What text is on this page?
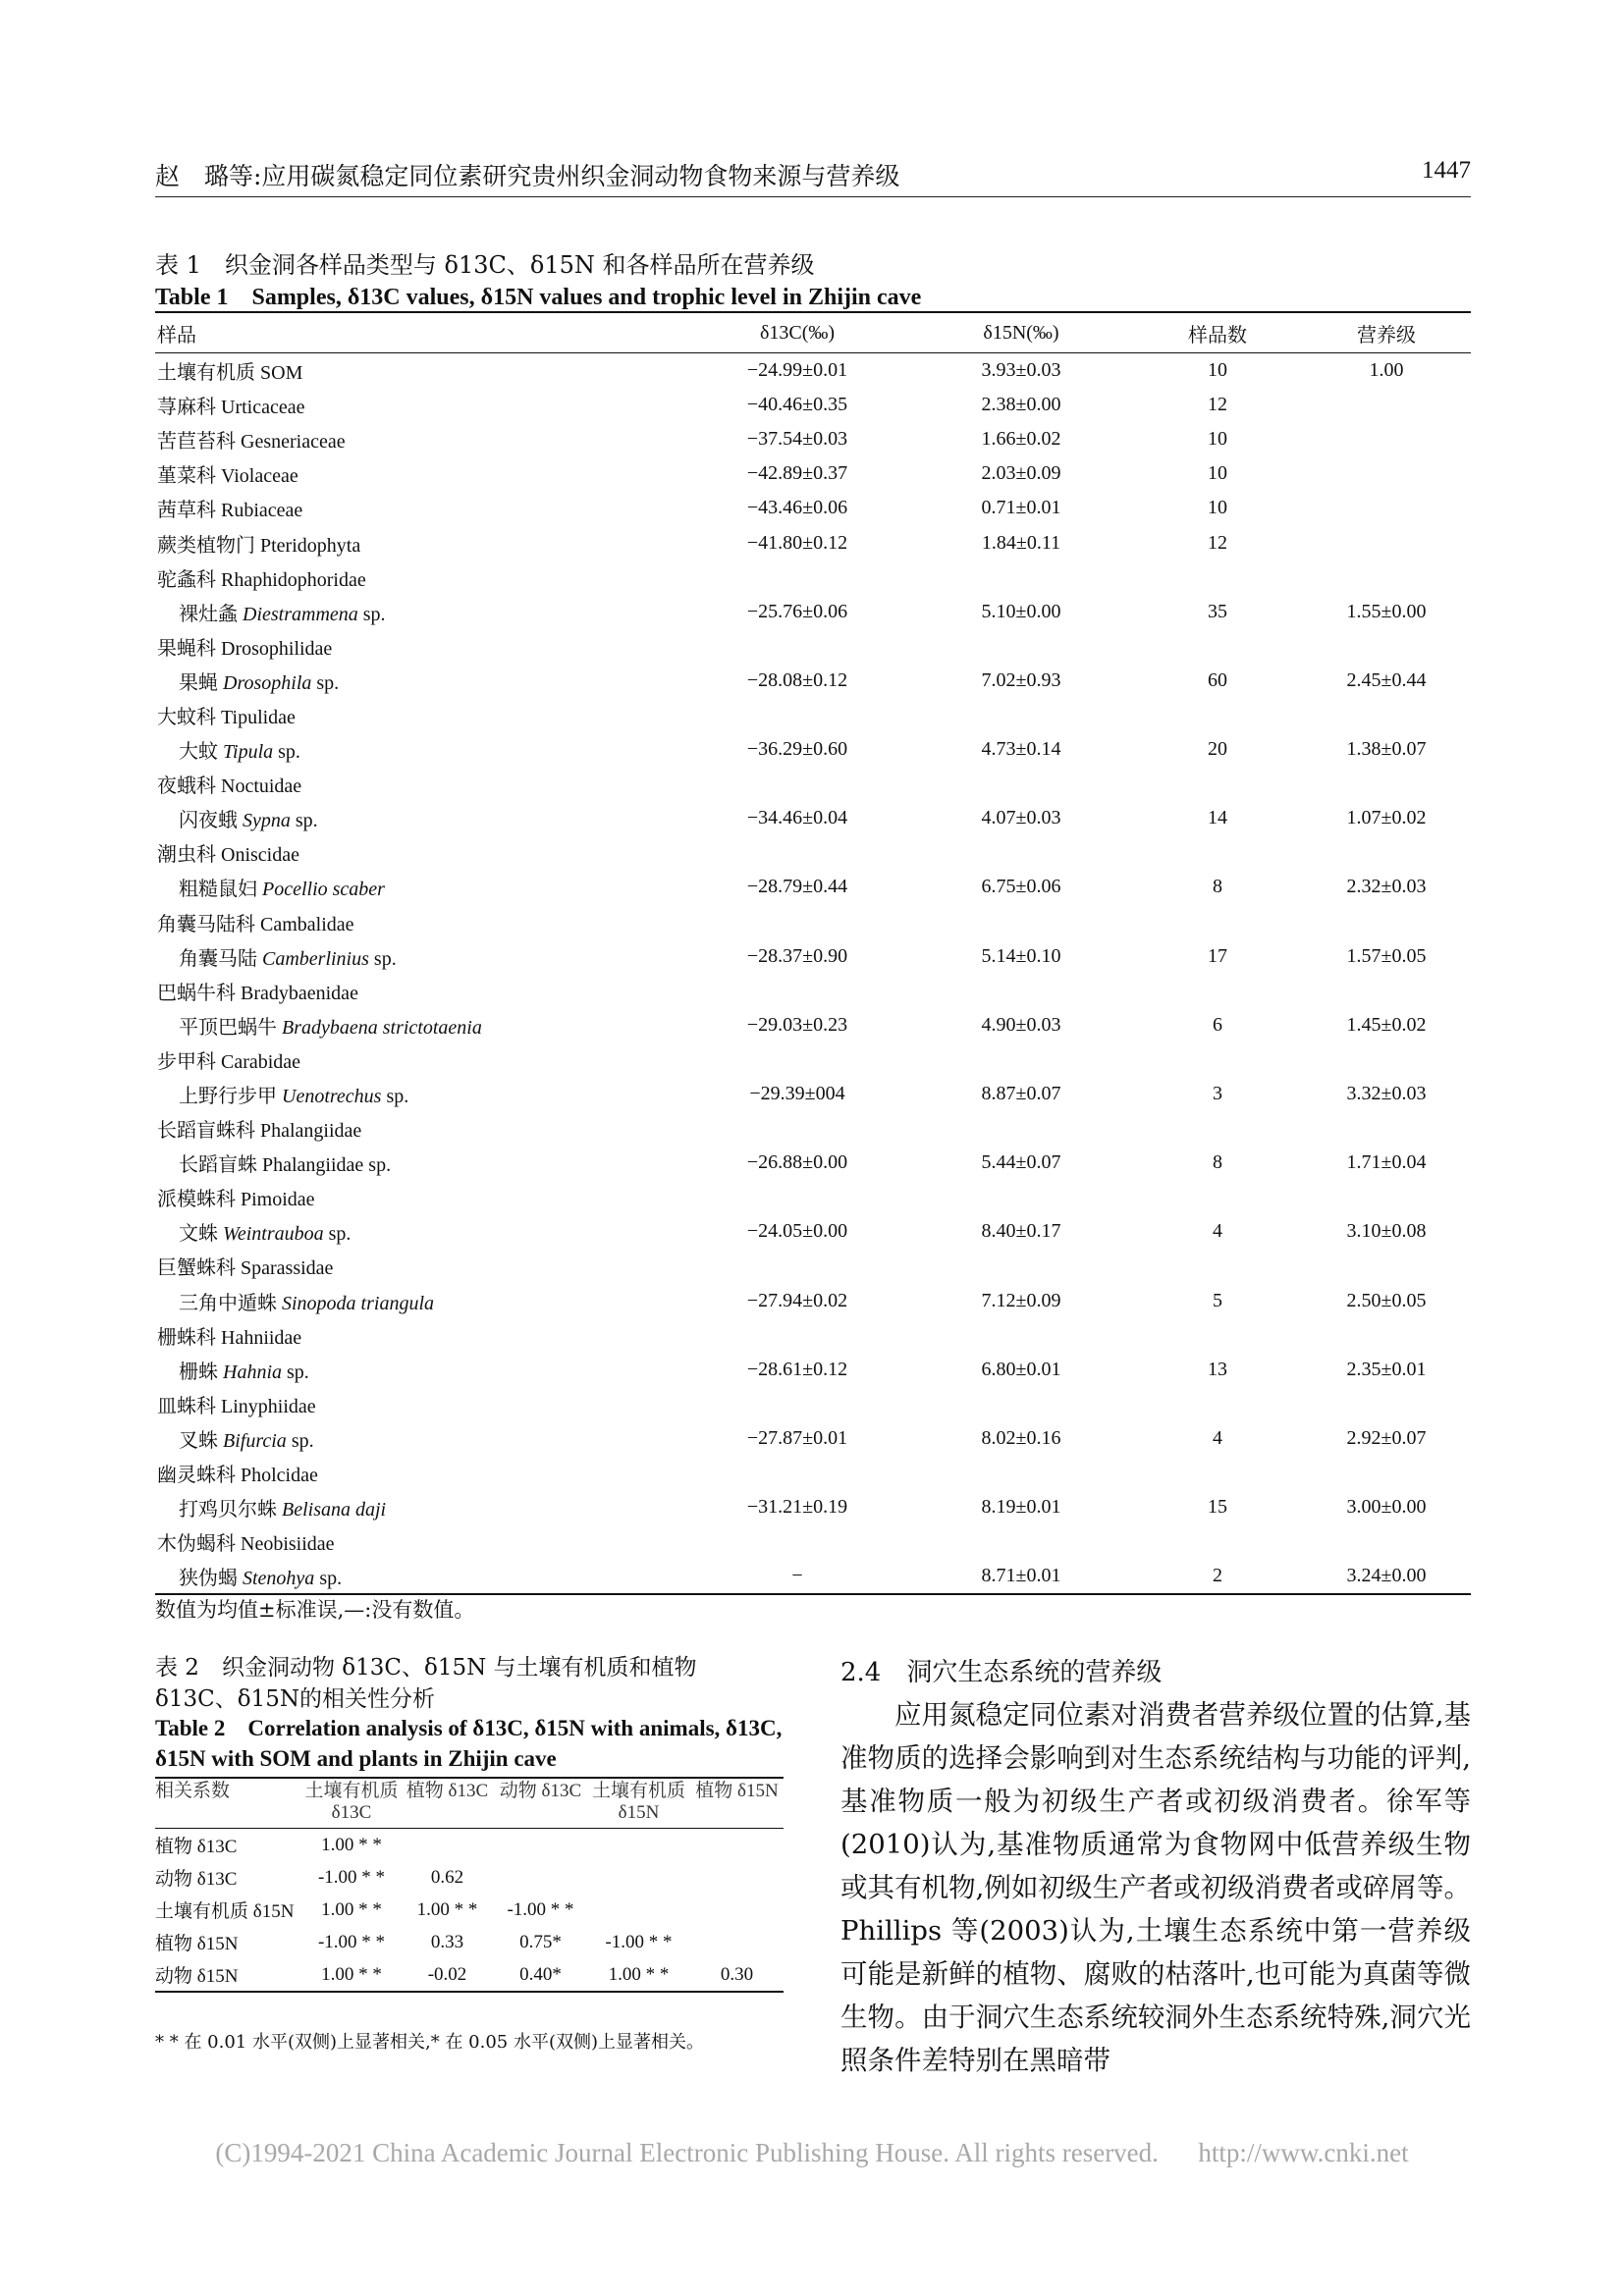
赵　璐等:应用碳氮稳定同位素研究贵州织金洞动物食物来源与营养级	1447
表 1　织金洞各样品类型与 δ13C、δ15N 和各样品所在营养级
Table 1　Samples, δ13C values, δ15N values and trophic level in Zhijin cave
样品	δ13C(‰)	δ15N(‰)	样品数	营养级
土壤有机质 SOM	−24.99±0.01	3.93±0.03	10	1.00
荨麻科 Urticaceae	−40.46±0.35	2.38±0.00	12	
苦苣苔科 Gesneriaceae	−37.54±0.03	1.66±0.02	10	
堇菜科 Violaceae	−42.89±0.37	2.03±0.09	10	
茜草科 Rubiaceae	−43.46±0.06	0.71±0.01	10	
蕨类植物门 Pteridophyta	−41.80±0.12	1.84±0.11	12	
驼螽科 Rhaphidophoridae				
裸灶螽 Diestrammena sp.	−25.76±0.06	5.10±0.00	35	1.55±0.00
果蝇科 Drosophilidae				
果蝇 Drosophila sp.	−28.08±0.12	7.02±0.93	60	2.45±0.44
大蚊科 Tipulidae				
大蚊 Tipula sp.	−36.29±0.60	4.73±0.14	20	1.38±0.07
夜蛾科 Noctuidae				
闪夜蛾 Sypna sp.	−34.46±0.04	4.07±0.03	14	1.07±0.02
潮虫科 Oniscidae				
粗糙鼠妇 Pocellio scaber	−28.79±0.44	6.75±0.06	8	2.32±0.03
角囊马陆科 Cambalidae				
角囊马陆 Camberlinius sp.	−28.37±0.90	5.14±0.10	17	1.57±0.05
巴蜗牛科 Bradybaenidae				
平顶巴蜗牛 Bradybaena strictotaenia	−29.03±0.23	4.90±0.03	6	1.45±0.02
步甲科 Carabidae				
上野行步甲 Uenotrechus sp.	−29.39±004	8.87±0.07	3	3.32±0.03
长蹈盲蛛科 Phalangiidae				
长蹈盲蛛 Phalangiidae sp.	−26.88±0.00	5.44±0.07	8	1.71±0.04
派模蛛科 Pimoidae				
文蛛 Weintrauboa sp.	−24.05±0.00	8.40±0.17	4	3.10±0.08
巨蟹蛛科 Sparassidae				
三角中遁蛛 Sinopoda triangula	−27.94±0.02	7.12±0.09	5	2.50±0.05
栅蛛科 Hahniidae				
栅蛛 Hahnia sp.	−28.61±0.12	6.80±0.01	13	2.35±0.01
皿蛛科 Linyphiidae				
叉蛛 Bifurcia sp.	−27.87±0.01	8.02±0.16	4	2.92±0.07
幽灵蛛科 Pholcidae				
打鸡贝尔蛛 Belisana daji	−31.21±0.19	8.19±0.01	15	3.00±0.00
木伪蝎科 Neobisiidae				
狭伪蝎 Stenohya sp.	−	8.71±0.01	2	3.24±0.00
数值为均值±标准误,—:没有数值。
表 2　织金洞动物 δ13C、δ15N 与土壤有机质和植物 δ13C、δ15N的相关性分析
Table 2　Correlation analysis of δ13C, δ15N with animals, δ13C, δ15N with SOM and plants in Zhijin cave
相关系数	土壤有机质 δ13C	植物 δ13C	动物 δ13C	土壤有机质 δ15N	植物 δ15N
植物 δ13C	1.00 * *				
动物 δ13C	-1.00 * *	0.62			
土壤有机质 δ15N	1.00 * *	1.00 * *	-1.00 * *		
植物 δ15N	-1.00 * *	0.33	0.75*	-1.00 * *	
动物 δ15N	1.00 * *	-0.02	0.40*	1.00 * *	0.30
* * 在 0.01 水平(双侧)上显著相关,* 在 0.05 水平(双侧)上显著相关。
2.4　洞穴生态系统的营养级

应用氮稳定同位素对消费者营养级位置的估算,基准物质的选择会影响到对生态系统结构与功能的评判,基准物质一般为初级生产者或初级消费者。徐军等(2010)认为,基准物质通常为食物网中低营养级生物或其有机物,例如初级生产者或初级消费者或碎屑等。Phillips 等(2003)认为,土壤生态系统中第一营养级可能是新鲜的植物、腐败的枯落叶,也可能为真菌等微生物。由于洞穴生态系统较洞外生态系统特殊,洞穴光照条件差特别在黑暗带

(C)1994-2021 China Academic Journal Electronic Publishing House. All rights reserved. http://www.cnki.net
